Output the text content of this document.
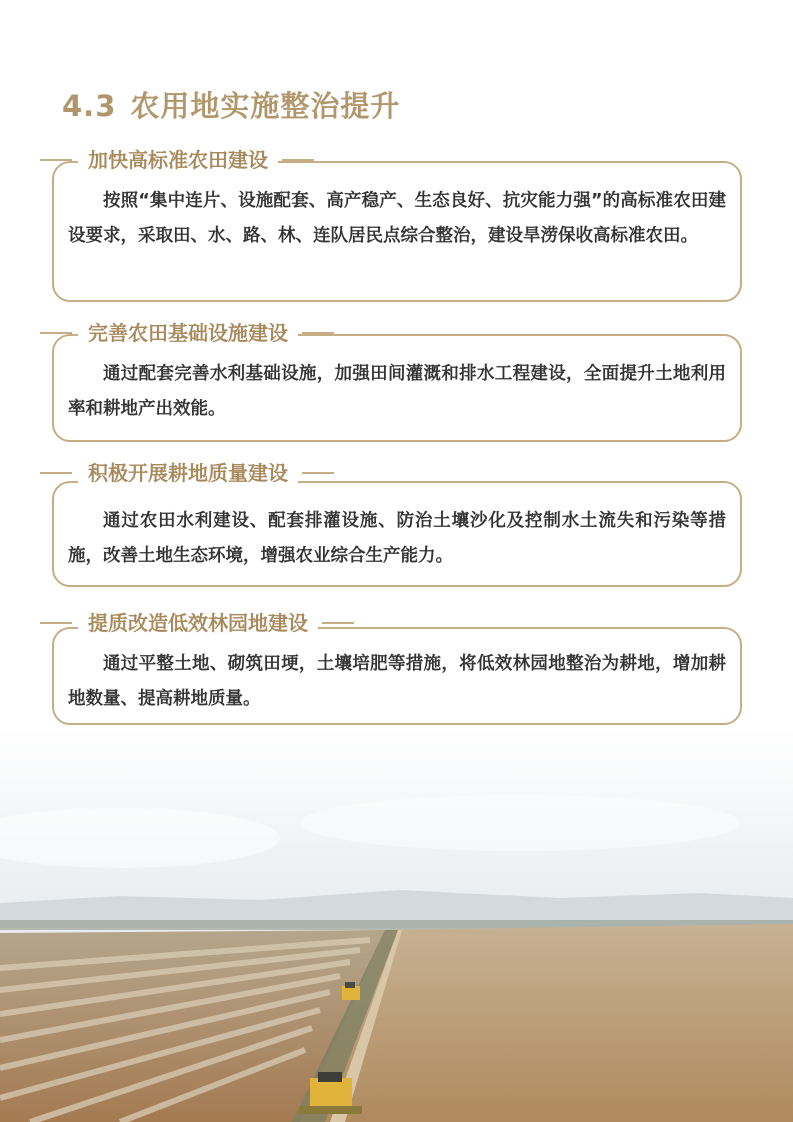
4.3 农用地实施整治提升

按照“集中连片、设施配套、高产稳产、生态良好、抗灾能力强”的高标准农田建设要求，采取田、水、路、林、连队居民点综合整治，建设旱涝保收高标准农田。

加快高标准农田建设

通过配套完善水利基础设施，加强田间灌溉和排水工程建设，全面提升土地利用率和耕地产出效能。

完善农田基础设施建设

通过农田水利建设、配套排灌设施、防治土壤沙化及控制水土流失和污染等措施，改善土地生态环境，增强农业综合生产能力。

积极开展耕地质量建设

通过平整土地、砌筑田埂，土壤培肥等措施，将低效林园地整治为耕地，增加耕地数量、提高耕地质量。

提质改造低效林园地建设
